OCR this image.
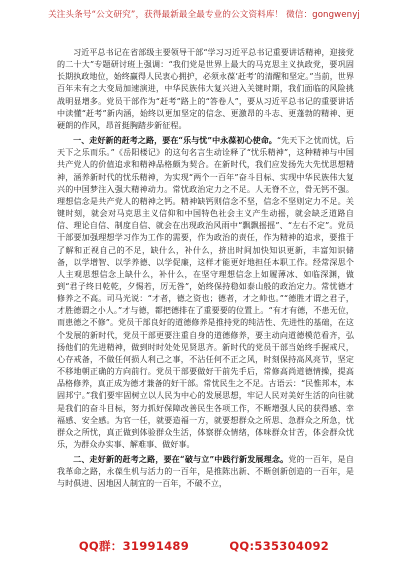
关注头条号“公文研究”，获得最新最全最专业的公文资料库！ 微信：gongwenyj

习近平总书记在省部级主要领导干部“学习习近平总书记重要讲话精神，迎接党的二十大”专题研讨班上强调：“我们党是世界上最大的马克思主义执政党，要巩固长期执政地位，始终赢得人民衷心拥护，必须永葆‘赶考’的清醒和坚定。”当前，世界百年未有之大变局加速演进，中华民族伟大复兴进入关键时期，我们面临的风险挑战明显增多。党员干部作为“赶考”路上的“答卷人”，要从习近平总书记的重要讲话中读懂“赶考”新内涵，始终以更加坚定的信念、更激昂的斗志、更蓬勃的精神、更硬朗的作风，昂首挺胸踏步新征程。

一、走好新的赶考之路，要在“乐与忧”中永葆初心使命。“先天下之忧而忧，后天下之乐而乐。”《岳阳楼记》的这句名言生动诠释了“忧乐精神”，这种精神与中国共产党人的价值追求和精神品格颇为契合。在新时代，我们应发扬先大先忧思想精神，涵养新时代的忧乐精神，为实现“两个一百年”奋斗目标、实现中华民族伟大复兴的中国梦注入强大精神动力。常忧政治定力之不足。人无脊不立，骨无钙不强。理想信念是共产党人的精神之钙。精神缺钙则信念不坚，信念不坚则定力不足。关键时刻，就会对马克思主义信仰和中国特色社会主义产生动摇，就会缺乏道路自信、理论自信、制度自信、就会在出现政治风雨中“飘飘摇摇”、“左右不定”。党员干部要加强理想学习作为工作的需要，作为政治的责任，作为精神的追求，要推于了解和正视自己的不足，缺什么，补什么，挤出时间加快知识更新，丰富知识储备，以学增智、以学养德、以学促廉，这样才能更好地担任本职工作。经常深思个人主观思想信念上缺什么，补什么，在坚守理想信念上如履薄冰、如临深渊，做到“君子终日乾乾，夕惕若，厉无咎”，始终保持稳如泰山般的政治定力。常忧德才修养之不高。司马光说：“才者，德之资也；德者，才之帅也。”“德胜才谓之君子，才胜德谓之小人。”才与德，都把德排在了重要要的位置上。“有才有德，不患无位，而患德之不修”。党员干部良好的道德修养是推持党的纯洁性、先进性的基础，在这个发展的新时代，党员干部更要注重自身的道德修养，要主动向道德模范看齐，弘扬他们的先进精神，做到时时处处见贤思齐。新时代的党员干部当始终手握戒尺，心存戒备，不做任何损人利己之事，不沾任何不正之风，时刻保持高风亮节，坚定不移地朝正确的方向前行。党员干部要做好干前先手后，常修高尚道德情操，提高品格修养，真正成为德才兼备的好干部。常忧民生之不足。古语云：“民惟邦本，本固邦宁。”我们要牢固树立以人民为中心的发展思想，牢记人民对美好生活的向往就是我们的奋斗目标，努力抓好保障改善民生各项工作，不断增强人民的获得感、幸福感、安全感。为官一任，就要造福一方，就要想群众之所思、急群众之所急，忧群众之所忧，真正做到体验群众生活，体察群众情绪，体味群众甘苦，体会群众忧乐，为群众办实事、解难事、做好事。

二、走好新的赶考之路，要在“破与立”中践行新发展理念。党的一百年，是自我革命之路，永葆生机与活力的一百年，是推陈出新、不断创新创造的一百年，是与时俱进、因地因人制宜的一百年，不破不立，

QQ群：31991489	QQ:535304092
